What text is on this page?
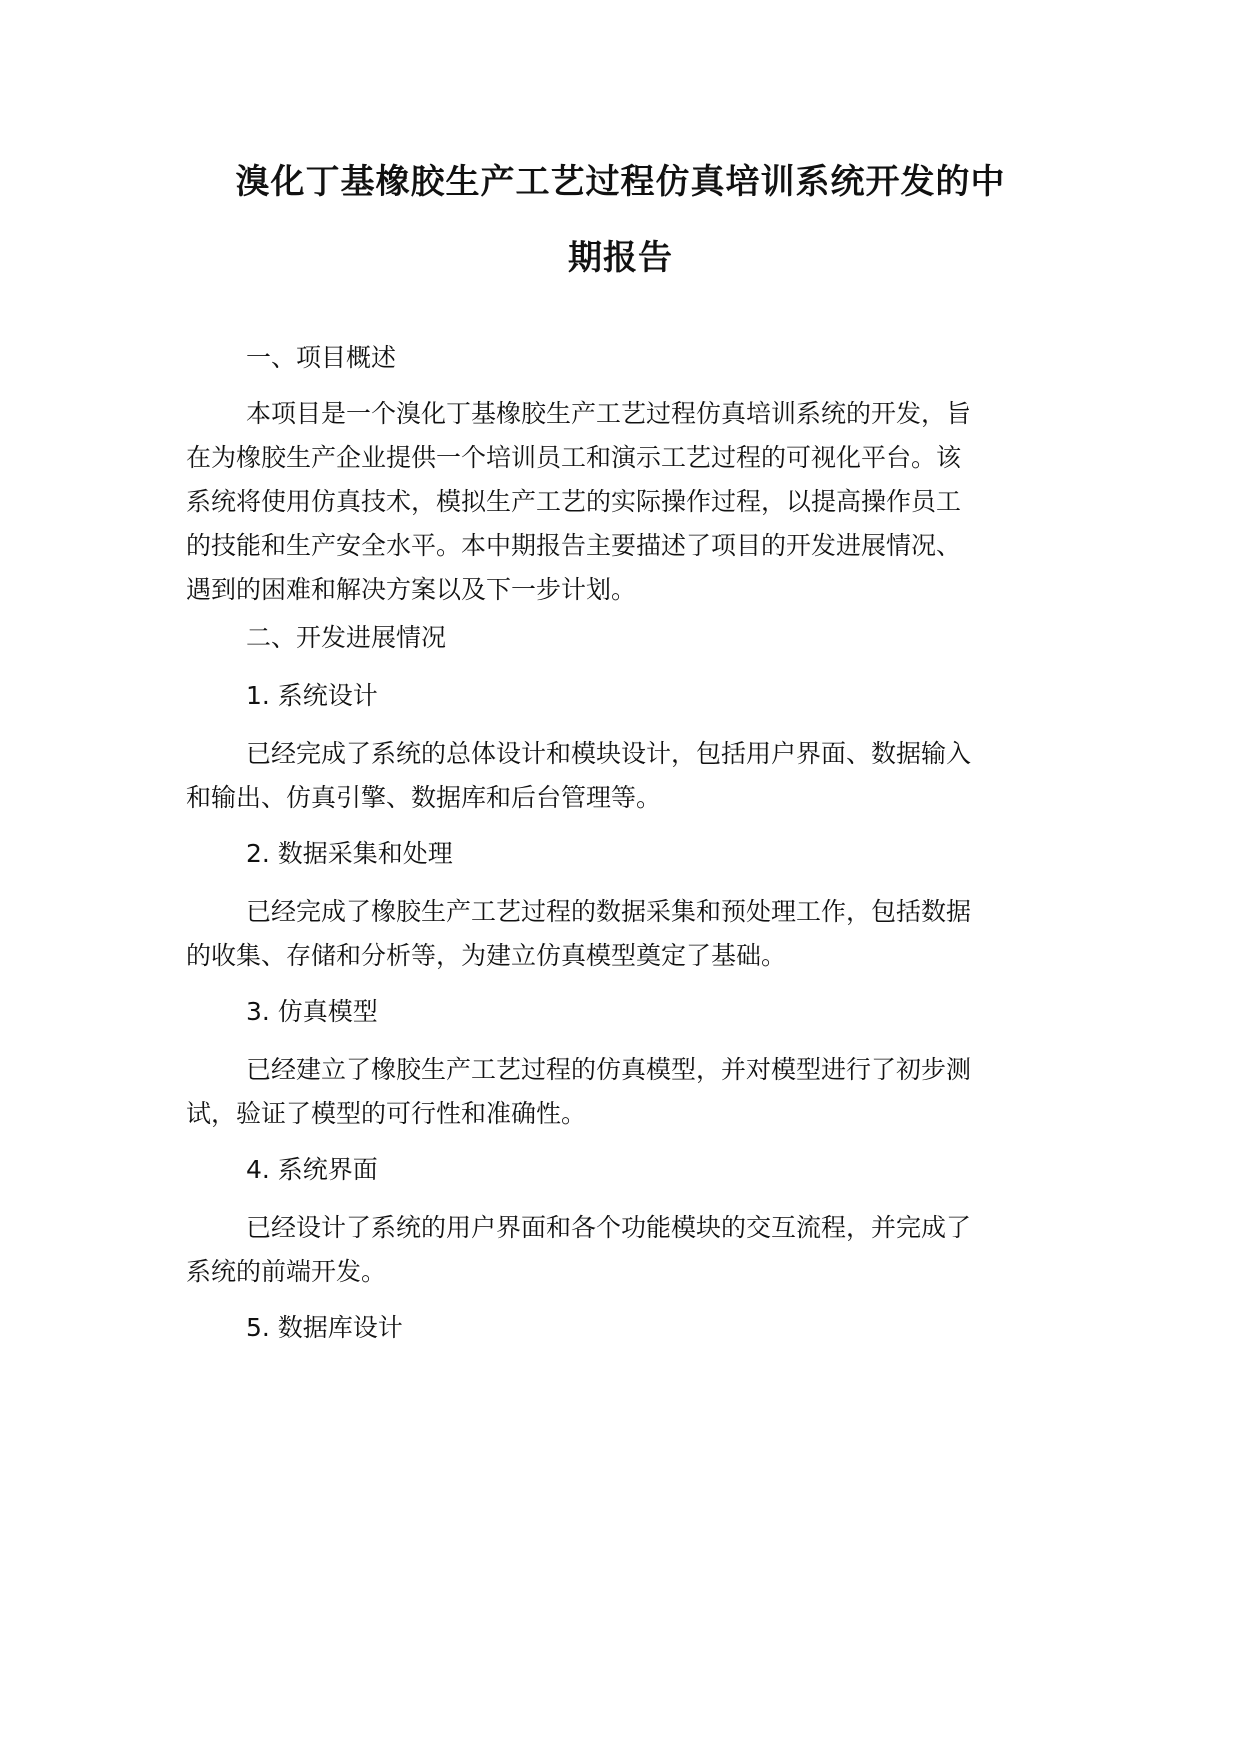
溴化丁基橡胶生产工艺过程仿真培训系统开发的中
期报告
一、项目概述
本项目是一个溴化丁基橡胶生产工艺过程仿真培训系统的开发，旨
在为橡胶生产企业提供一个培训员工和演示工艺过程的可视化平台。该
系统将使用仿真技术，模拟生产工艺的实际操作过程，以提高操作员工
的技能和生产安全水平。本中期报告主要描述了项目的开发进展情况、
遇到的困难和解决方案以及下一步计划。
二、开发进展情况
1. 系统设计
已经完成了系统的总体设计和模块设计，包括用户界面、数据输入
和输出、仿真引擎、数据库和后台管理等。
2. 数据采集和处理
已经完成了橡胶生产工艺过程的数据采集和预处理工作，包括数据
的收集、存储和分析等，为建立仿真模型奠定了基础。
3. 仿真模型
已经建立了橡胶生产工艺过程的仿真模型，并对模型进行了初步测
试，验证了模型的可行性和准确性。
4. 系统界面
已经设计了系统的用户界面和各个功能模块的交互流程，并完成了
系统的前端开发。
5. 数据库设计
